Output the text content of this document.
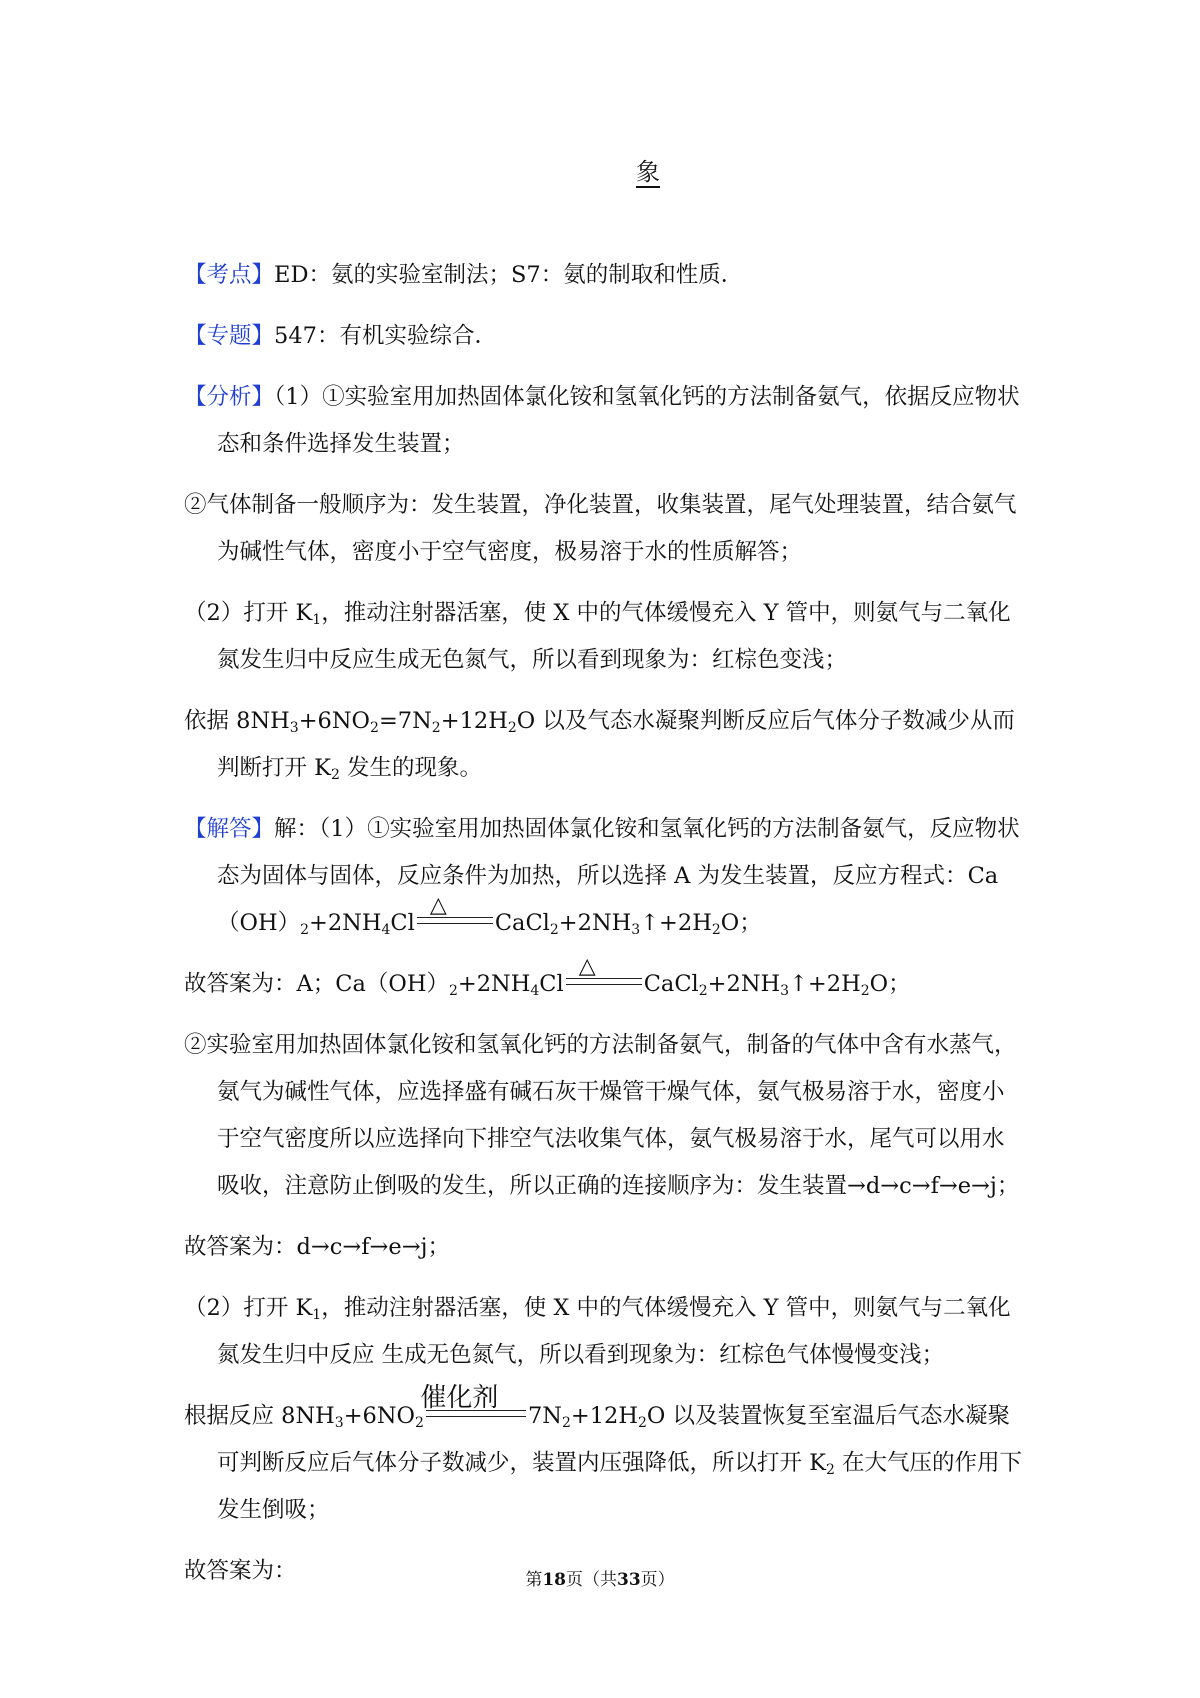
象
【考点】ED：氨的实验室制法；S7：氨的制取和性质．
【专题】547：有机实验综合．
【分析】（1）①实验室用加热固体氯化铵和氢氧化钙的方法制备氨气，依据反应物状态和条件选择发生装置；
②气体制备一般顺序为：发生装置，净化装置，收集装置，尾气处理装置，结合氨气为碱性气体，密度小于空气密度，极易溶于水的性质解答；
（2）打开 $K_1$，推动注射器活塞，使 X 中的气体缓慢充入 Y 管中，则氨气与二氧化氮发生归中反应生成无色氮气，所以看到现象为：红棕色变浅；
依据 $8NH_3+6NO_2=7N_2+12H_2O$ 以及气态水凝聚判断反应后气体分子数减少从而判断打开 $K_2$ 发生的现象。
【解答】解：（1）①实验室用加热固体氯化铵和氢氧化钙的方法制备氨气，反应物状态为固体与固体，反应条件为加热，所以选择 A 为发生装置，反应方程式：$Ca(OH)_2+2NH_4Cl$
△
$CaCl_2+2NH_3↑+2H_2O$；
故答案为：A；$Ca(OH)_2+2NH_4Cl$
△
$CaCl_2+2NH_3↑+2H_2O$；
②实验室用加热固体氯化铵和氢氧化钙的方法制备氨气，制备的气体中含有水蒸气，氨气为碱性气体，应选择盛有碱石灰干燥管干燥气体，氨气极易溶于水，密度小于空气密度所以应选择向下排空气法收集气体，氨气极易溶于水，尾气可以用水吸收，注意防止倒吸的发生，所以正确的连接顺序为：发生装置→d→c→f→e→j；
故答案为：d→c→f→e→j；
（2）打开 $K_1$，推动注射器活塞，使 X 中的气体缓慢充入 Y 管中，则氨气与二氧化氮发生归中反应 生成无色氮气，所以看到现象为：红棕色气体慢慢变浅；
根据反应 $8NH_3+6NO_2$
催化剂
$7N_2+12H_2O$ 以及装置恢复至室温后气态水凝聚可判断反应后气体分子数减少，装置内压强降低，所以打开 $K_2$ 在大气压的作用下发生倒吸；
故答案为：	第18页（共33页）
